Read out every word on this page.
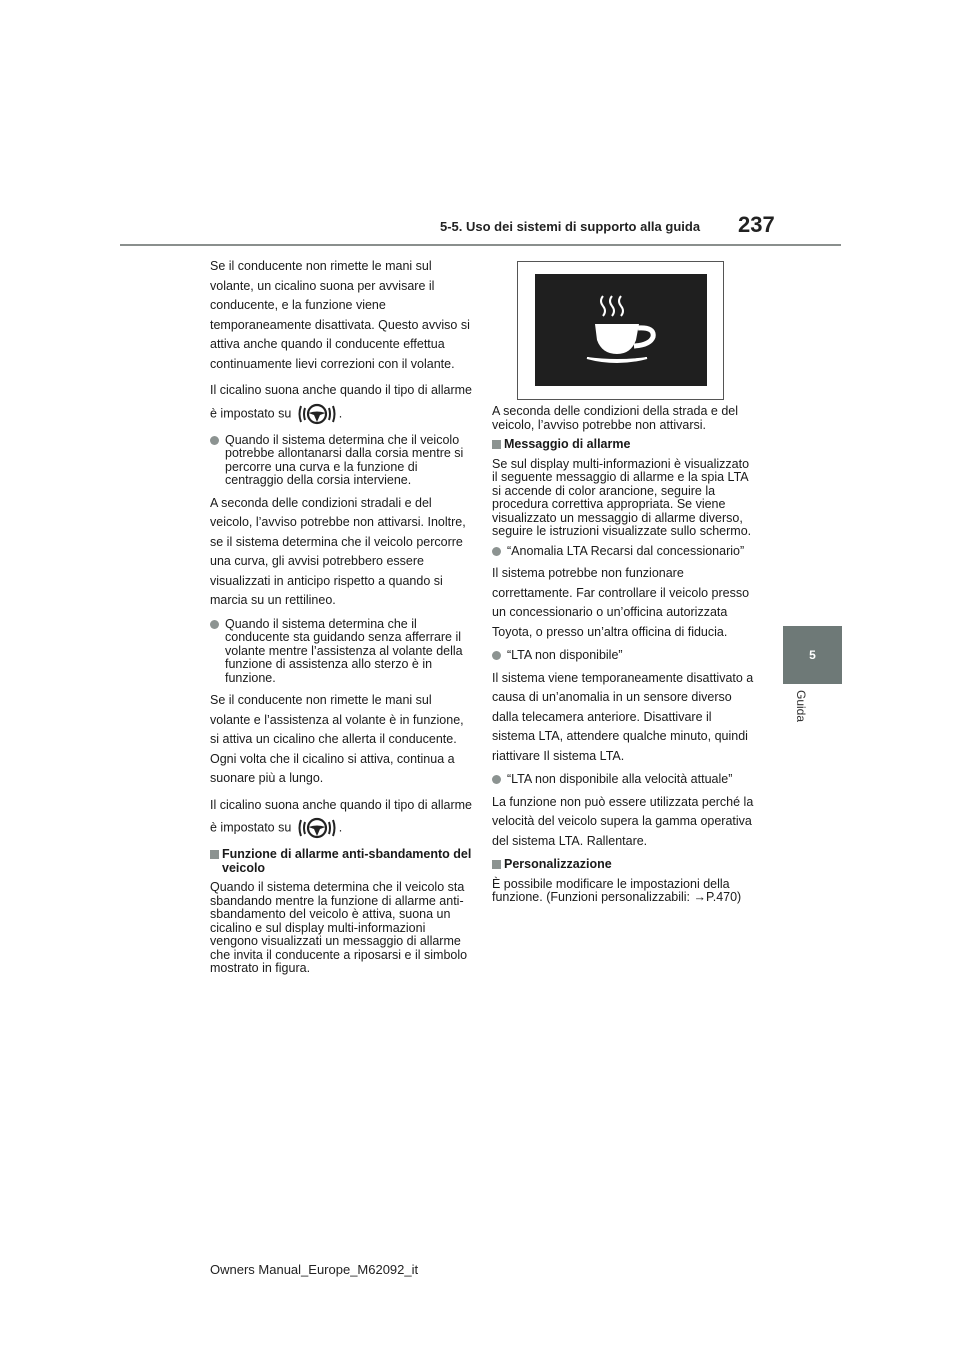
5-5. Uso dei sistemi di supporto alla guida 237
5
Guida

Se il conducente non rimette le mani sul volante, un cicalino suona per avvisare il conducente, e la funzione viene temporaneamente disattivata. Questo avviso si attiva anche quando il conducente effettua continuamente lievi correzioni con il volante.

Il cicalino suona anche quando il tipo di allarme è impostato su	.

Quando il sistema determina che il veicolo potrebbe allontanarsi dalla corsia mentre si percorre una curva e la funzione di centraggio della corsia interviene.

A seconda delle condizioni stradali e del veicolo, l’avviso potrebbe non attivarsi. Inoltre, se il sistema determina che il veicolo percorre una curva, gli avvisi potrebbero essere visualizzati in anticipo rispetto a quando si marcia su un rettilineo.

Quando il sistema determina che il conducente sta guidando senza afferrare il volante mentre l’assistenza al volante della funzione di assistenza allo sterzo è in funzione.

Se il conducente non rimette le mani sul volante e l’assistenza al volante è in funzione, si attiva un cicalino che allerta il conducente. Ogni volta che il cicalino si attiva, continua a suonare più a lungo.

Il cicalino suona anche quando il tipo di allarme è impostato su	.

Funzione di allarme anti-sbandamento del veicolo

Quando il sistema determina che il veicolo sta sbandando mentre la funzione di allarme anti-sbandamento del veicolo è attiva, suona un cicalino e sul display multi-informazioni vengono visualizzati un messaggio di allarme che invita il conducente a riposarsi e il simbolo mostrato in figura.

A seconda delle condizioni della strada e del veicolo, l’avviso potrebbe non attivarsi.

Messaggio di allarme

Se sul display multi-informazioni è visualizzato il seguente messaggio di allarme e la spia LTA si accende di color arancione, seguire la procedura correttiva appropriata. Se viene visualizzato un messaggio di allarme diverso, seguire le istruzioni visualizzate sullo schermo.

“Anomalia LTA Recarsi dal concessionario”

Il sistema potrebbe non funzionare correttamente. Far controllare il veicolo presso un concessionario o un’officina autorizzata Toyota, o presso un’altra officina di fiducia.

“LTA non disponibile”

Il sistema viene temporaneamente disattivato a causa di un’anomalia in un sensore diverso dalla telecamera anteriore. Disattivare il sistema LTA, attendere qualche minuto, quindi riattivare Il sistema LTA.

“LTA non disponibile alla velocità attuale”

La funzione non può essere utilizzata perché la velocità del veicolo supera la gamma operativa del sistema LTA. Rallentare.

Personalizzazione

È possibile modificare le impostazioni della funzione. (Funzioni personalizzabili: →P.470)

Owners Manual_Europe_M62092_it
